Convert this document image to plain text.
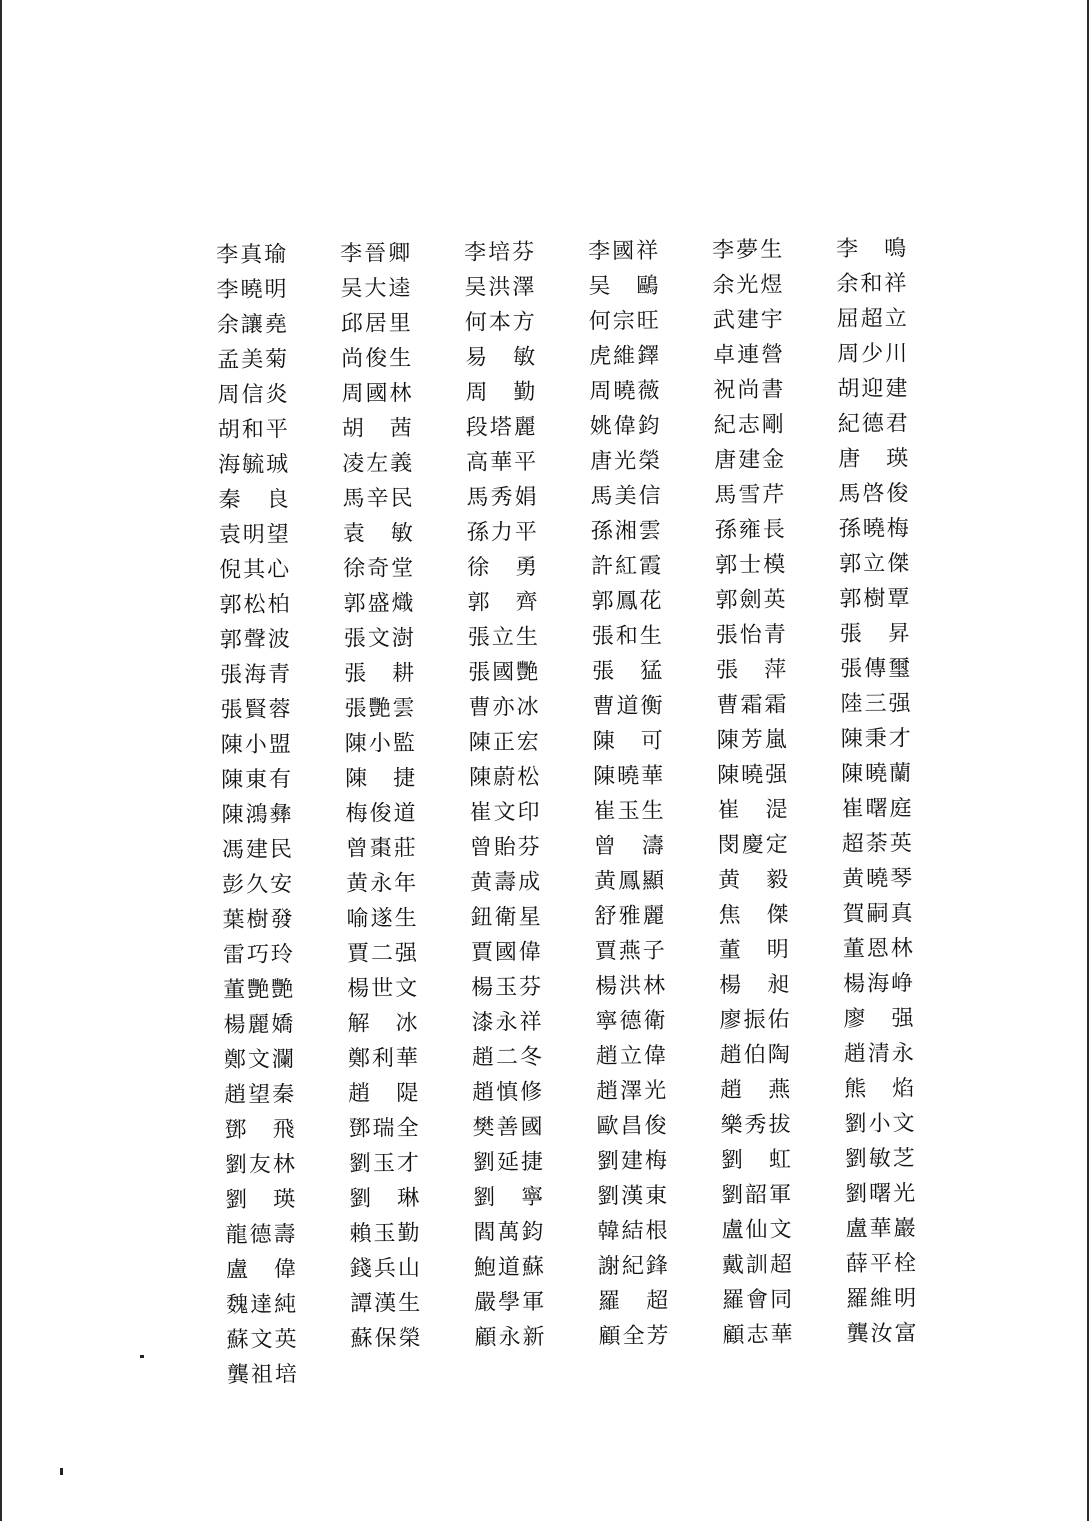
李真瑜	李晉卿	李培芬	李國祥	李夢生	李　鳴
李曉明	吴大逵	吴洪澤	吴　鷗	余光煜	余和祥
余讓堯	邱居里	何本方	何宗旺	武建宇	屈超立
孟美菊	尚俊生	易　敏	虎維鐸	卓連營	周少川
周信炎	周國林	周　勤	周曉薇	祝尚書	胡迎建
胡和平	胡　茜	段塔麗	姚偉鈞	紀志剛	紀德君
海毓珹	凌左義	高華平	唐光榮	唐建金	唐　瑛
秦　良	馬辛民	馬秀娟	馬美信	馬雪芹	馬啓俊
袁明望	袁　敏	孫力平	孫湘雲	孫雍長	孫曉梅
倪其心	徐奇堂	徐　勇	許紅霞	郭士模	郭立傑
郭松柏	郭盛熾	郭　齊	郭鳳花	郭劍英	郭樹覃
郭聲波	張文澍	張立生	張和生	張怡青	張　昇
張海青	張　耕	張國艷	張　猛	張　萍	張傳璽
張賢蓉	張艷雲	曹亦冰	曹道衡	曹霜霜	陸三强
陳小盟	陳小監	陳正宏	陳　可	陳芳嵐	陳秉才
陳東有	陳　捷	陳蔚松	陳曉華	陳曉强	陳曉蘭
陳鴻彝	梅俊道	崔文印	崔玉生	崔　湜	崔曙庭
馮建民	曾棗莊	曾貽芬	曾　濤	閔慶定	超荼英
彭久安	黄永年	黄壽成	黄鳳顯	黄　毅	黄曉琴
葉樹發	喻遂生	鈕衛星	舒雅麗	焦　傑	賀嗣真
雷巧玲	賈二强	賈國偉	賈燕子	董　明	董恩林
董艷艷	楊世文	楊玉芬	楊洪林	楊　昶	楊海峥
楊麗嬌	解　冰	漆永祥	寧德衛	廖振佑	廖　强
鄭文瀾	鄭利華	趙二冬	趙立偉	趙伯陶	趙清永
趙望秦	趙　隄	趙慎修	趙澤光	趙　燕	熊　焰
鄧　飛	鄧瑞全	樊善國	歐昌俊	樂秀拔	劉小文
劉友林	劉玉才	劉延捷	劉建梅	劉　虹	劉敏芝
劉　瑛	劉　琳	劉　寧	劉漢東	劉韶軍	劉曙光
龍德壽	賴玉勤	閻萬鈞	韓結根	盧仙文	盧華巖
盧　偉	錢兵山	鮑道蘇	謝紀鋒	戴訓超	薛平栓
魏達純	譚漢生	嚴學軍	羅　超	羅會同	羅維明
蘇文英	蘇保榮	顧永新	顧全芳	顧志華	龔汝富
龔祖培
